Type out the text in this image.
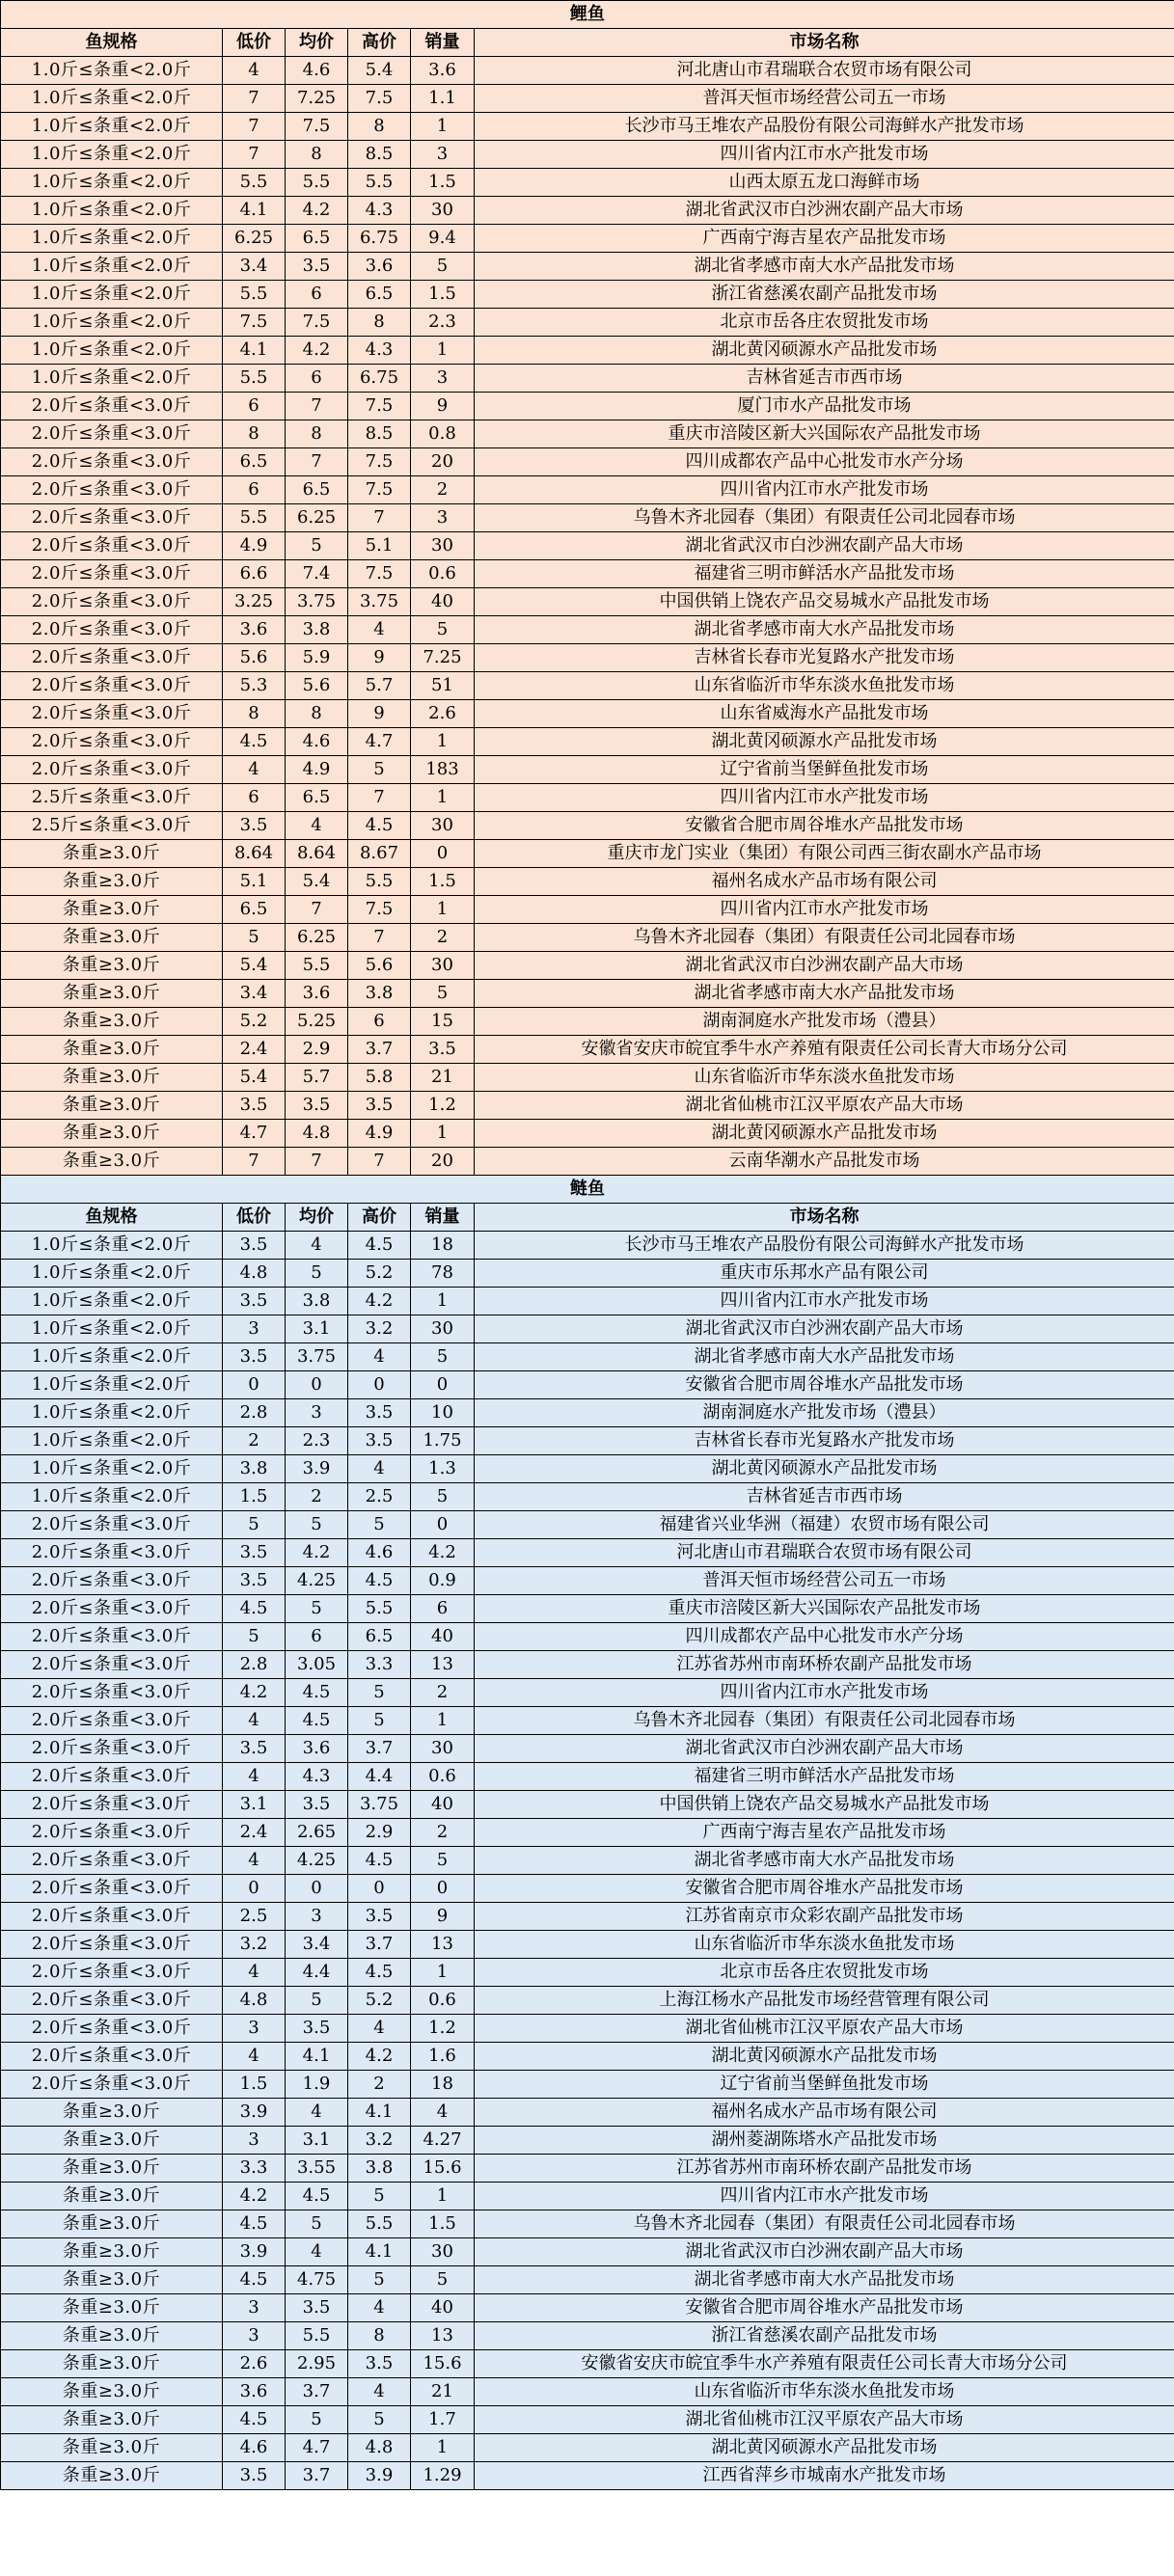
鲤鱼					
鱼规格	低价	均价	高价	销量	市场名称
1.0斤≤条重<2.0斤	4	4.6	5.4	3.6	河北唐山市君瑞联合农贸市场有限公司
1.0斤≤条重<2.0斤	7	7.25	7.5	1.1	普洱天恒市场经营公司五一市场
1.0斤≤条重<2.0斤	7	7.5	8	1	长沙市马王堆农产品股份有限公司海鲜水产批发市场
1.0斤≤条重<2.0斤	7	8	8.5	3	四川省内江市水产批发市场
1.0斤≤条重<2.0斤	5.5	5.5	5.5	1.5	山西太原五龙口海鲜市场
1.0斤≤条重<2.0斤	4.1	4.2	4.3	30	湖北省武汉市白沙洲农副产品大市场
1.0斤≤条重<2.0斤	6.25	6.5	6.75	9.4	广西南宁海吉星农产品批发市场
1.0斤≤条重<2.0斤	3.4	3.5	3.6	5	湖北省孝感市南大水产品批发市场
1.0斤≤条重<2.0斤	5.5	6	6.5	1.5	浙江省慈溪农副产品批发市场
1.0斤≤条重<2.0斤	7.5	7.5	8	2.3	北京市岳各庄农贸批发市场
1.0斤≤条重<2.0斤	4.1	4.2	4.3	1	湖北黄冈硕源水产品批发市场
1.0斤≤条重<2.0斤	5.5	6	6.75	3	吉林省延吉市西市场
2.0斤≤条重<3.0斤	6	7	7.5	9	厦门市水产品批发市场
2.0斤≤条重<3.0斤	8	8	8.5	0.8	重庆市涪陵区新大兴国际农产品批发市场
2.0斤≤条重<3.0斤	6.5	7	7.5	20	四川成都农产品中心批发市水产分场
2.0斤≤条重<3.0斤	6	6.5	7.5	2	四川省内江市水产批发市场
2.0斤≤条重<3.0斤	5.5	6.25	7	3	乌鲁木齐北园春（集团）有限责任公司北园春市场
2.0斤≤条重<3.0斤	4.9	5	5.1	30	湖北省武汉市白沙洲农副产品大市场
2.0斤≤条重<3.0斤	6.6	7.4	7.5	0.6	福建省三明市鲜活水产品批发市场
2.0斤≤条重<3.0斤	3.25	3.75	3.75	40	中国供销上饶农产品交易城水产品批发市场
2.0斤≤条重<3.0斤	3.6	3.8	4	5	湖北省孝感市南大水产品批发市场
2.0斤≤条重<3.0斤	5.6	5.9	9	7.25	吉林省长春市光复路水产批发市场
2.0斤≤条重<3.0斤	5.3	5.6	5.7	51	山东省临沂市华东淡水鱼批发市场
2.0斤≤条重<3.0斤	8	8	9	2.6	山东省威海水产品批发市场
2.0斤≤条重<3.0斤	4.5	4.6	4.7	1	湖北黄冈硕源水产品批发市场
2.0斤≤条重<3.0斤	4	4.9	5	183	辽宁省前当堡鲜鱼批发市场
2.5斤≤条重<3.0斤	6	6.5	7	1	四川省内江市水产批发市场
2.5斤≤条重<3.0斤	3.5	4	4.5	30	安徽省合肥市周谷堆水产品批发市场
条重≥3.0斤	8.64	8.64	8.67	0	重庆市龙门实业（集团）有限公司西三街农副水产品市场
条重≥3.0斤	5.1	5.4	5.5	1.5	福州名成水产品市场有限公司
条重≥3.0斤	6.5	7	7.5	1	四川省内江市水产批发市场
条重≥3.0斤	5	6.25	7	2	乌鲁木齐北园春（集团）有限责任公司北园春市场
条重≥3.0斤	5.4	5.5	5.6	30	湖北省武汉市白沙洲农副产品大市场
条重≥3.0斤	3.4	3.6	3.8	5	湖北省孝感市南大水产品批发市场
条重≥3.0斤	5.2	5.25	6	15	湖南洞庭水产批发市场（澧县）
条重≥3.0斤	2.4	2.9	3.7	3.5	安徽省安庆市皖宜季牛水产养殖有限责任公司长青大市场分公司
条重≥3.0斤	5.4	5.7	5.8	21	山东省临沂市华东淡水鱼批发市场
条重≥3.0斤	3.5	3.5	3.5	1.2	湖北省仙桃市江汉平原农产品大市场
条重≥3.0斤	4.7	4.8	4.9	1	湖北黄冈硕源水产品批发市场
条重≥3.0斤	7	7	7	20	云南华潮水产品批发市场
鲢鱼					
鱼规格	低价	均价	高价	销量	市场名称
1.0斤≤条重<2.0斤	3.5	4	4.5	18	长沙市马王堆农产品股份有限公司海鲜水产批发市场
1.0斤≤条重<2.0斤	4.8	5	5.2	78	重庆市乐邦水产品有限公司
1.0斤≤条重<2.0斤	3.5	3.8	4.2	1	四川省内江市水产批发市场
1.0斤≤条重<2.0斤	3	3.1	3.2	30	湖北省武汉市白沙洲农副产品大市场
1.0斤≤条重<2.0斤	3.5	3.75	4	5	湖北省孝感市南大水产品批发市场
1.0斤≤条重<2.0斤	0	0	0	0	安徽省合肥市周谷堆水产品批发市场
1.0斤≤条重<2.0斤	2.8	3	3.5	10	湖南洞庭水产批发市场（澧县）
1.0斤≤条重<2.0斤	2	2.3	3.5	1.75	吉林省长春市光复路水产批发市场
1.0斤≤条重<2.0斤	3.8	3.9	4	1.3	湖北黄冈硕源水产品批发市场
1.0斤≤条重<2.0斤	1.5	2	2.5	5	吉林省延吉市西市场
2.0斤≤条重<3.0斤	5	5	5	0	福建省兴业华洲（福建）农贸市场有限公司
2.0斤≤条重<3.0斤	3.5	4.2	4.6	4.2	河北唐山市君瑞联合农贸市场有限公司
2.0斤≤条重<3.0斤	3.5	4.25	4.5	0.9	普洱天恒市场经营公司五一市场
2.0斤≤条重<3.0斤	4.5	5	5.5	6	重庆市涪陵区新大兴国际农产品批发市场
2.0斤≤条重<3.0斤	5	6	6.5	40	四川成都农产品中心批发市水产分场
2.0斤≤条重<3.0斤	2.8	3.05	3.3	13	江苏省苏州市南环桥农副产品批发市场
2.0斤≤条重<3.0斤	4.2	4.5	5	2	四川省内江市水产批发市场
2.0斤≤条重<3.0斤	4	4.5	5	1	乌鲁木齐北园春（集团）有限责任公司北园春市场
2.0斤≤条重<3.0斤	3.5	3.6	3.7	30	湖北省武汉市白沙洲农副产品大市场
2.0斤≤条重<3.0斤	4	4.3	4.4	0.6	福建省三明市鲜活水产品批发市场
2.0斤≤条重<3.0斤	3.1	3.5	3.75	40	中国供销上饶农产品交易城水产品批发市场
2.0斤≤条重<3.0斤	2.4	2.65	2.9	2	广西南宁海吉星农产品批发市场
2.0斤≤条重<3.0斤	4	4.25	4.5	5	湖北省孝感市南大水产品批发市场
2.0斤≤条重<3.0斤	0	0	0	0	安徽省合肥市周谷堆水产品批发市场
2.0斤≤条重<3.0斤	2.5	3	3.5	9	江苏省南京市众彩农副产品批发市场
2.0斤≤条重<3.0斤	3.2	3.4	3.7	13	山东省临沂市华东淡水鱼批发市场
2.0斤≤条重<3.0斤	4	4.4	4.5	1	北京市岳各庄农贸批发市场
2.0斤≤条重<3.0斤	4.8	5	5.2	0.6	上海江杨水产品批发市场经营管理有限公司
2.0斤≤条重<3.0斤	3	3.5	4	1.2	湖北省仙桃市江汉平原农产品大市场
2.0斤≤条重<3.0斤	4	4.1	4.2	1.6	湖北黄冈硕源水产品批发市场
2.0斤≤条重<3.0斤	1.5	1.9	2	18	辽宁省前当堡鲜鱼批发市场
条重≥3.0斤	3.9	4	4.1	4	福州名成水产品市场有限公司
条重≥3.0斤	3	3.1	3.2	4.27	湖州菱湖陈塔水产品批发市场
条重≥3.0斤	3.3	3.55	3.8	15.6	江苏省苏州市南环桥农副产品批发市场
条重≥3.0斤	4.2	4.5	5	1	四川省内江市水产批发市场
条重≥3.0斤	4.5	5	5.5	1.5	乌鲁木齐北园春（集团）有限责任公司北园春市场
条重≥3.0斤	3.9	4	4.1	30	湖北省武汉市白沙洲农副产品大市场
条重≥3.0斤	4.5	4.75	5	5	湖北省孝感市南大水产品批发市场
条重≥3.0斤	3	3.5	4	40	安徽省合肥市周谷堆水产品批发市场
条重≥3.0斤	3	5.5	8	13	浙江省慈溪农副产品批发市场
条重≥3.0斤	2.6	2.95	3.5	15.6	安徽省安庆市皖宜季牛水产养殖有限责任公司长青大市场分公司
条重≥3.0斤	3.6	3.7	4	21	山东省临沂市华东淡水鱼批发市场
条重≥3.0斤	4.5	5	5	1.7	湖北省仙桃市江汉平原农产品大市场
条重≥3.0斤	4.6	4.7	4.8	1	湖北黄冈硕源水产品批发市场
条重≥3.0斤	3.5	3.7	3.9	1.29	江西省萍乡市城南水产批发市场
